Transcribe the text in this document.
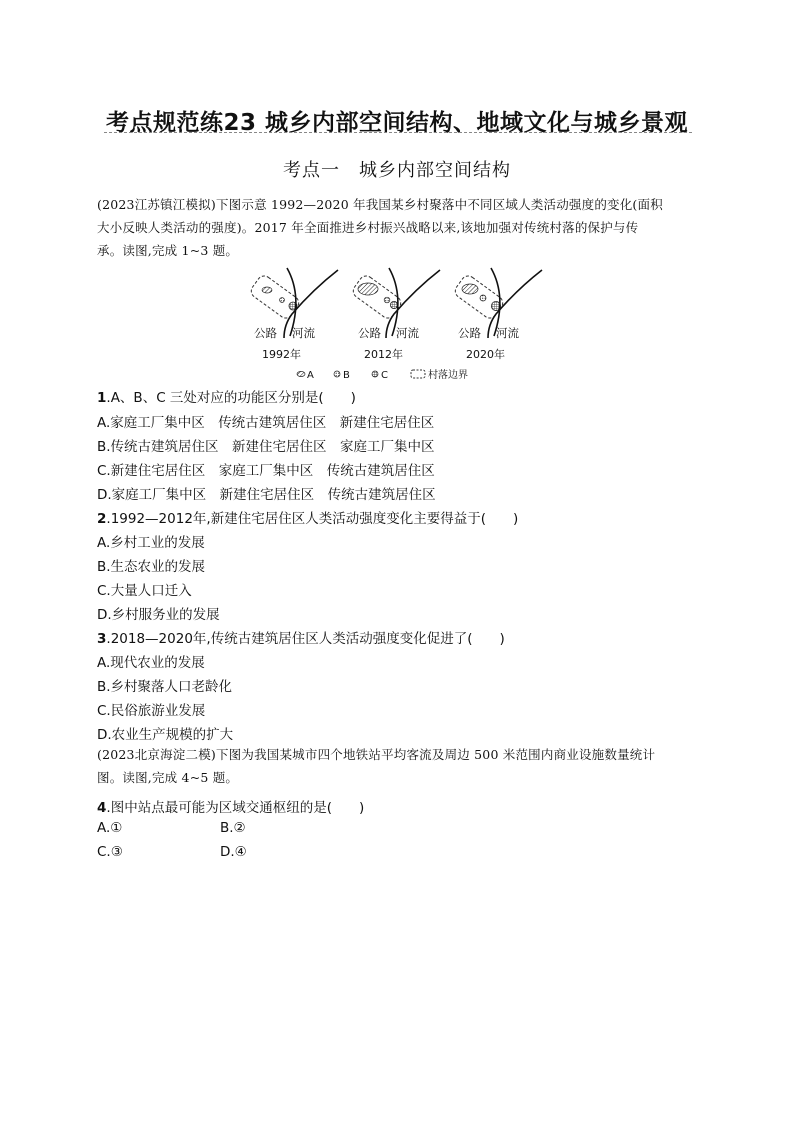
考点规范练23 城乡内部空间结构、地域文化与城乡景观
考点一　城乡内部空间结构
(2023江苏镇江模拟)下图示意 1992—2020 年我国某乡村聚落中不同区域人类活动强度的变化(面积
大小反映人类活动的强度)。2017 年全面推进乡村振兴战略以来,该地加强对传统村落的保护与传
承。读图,完成 1~3 题。
公路 河流
1992年
公路 河流
2012年
公路 河流
2020年
A	B	C	村落边界
1.A、B、C 三处对应的功能区分别是(　　)
A.家庭工厂集中区　传统古建筑居住区　新建住宅居住区
B.传统古建筑居住区　新建住宅居住区　家庭工厂集中区
C.新建住宅居住区　家庭工厂集中区　传统古建筑居住区
D.家庭工厂集中区　新建住宅居住区　传统古建筑居住区
2.1992—2012年,新建住宅居住区人类活动强度变化主要得益于(　　)
A.乡村工业的发展
B.生态农业的发展
C.大量人口迁入
D.乡村服务业的发展
3.2018—2020年,传统古建筑居住区人类活动强度变化促进了(　　)
A.现代农业的发展
B.乡村聚落人口老龄化
C.民俗旅游业发展
D.农业生产规模的扩大
(2023北京海淀二模)下图为我国某城市四个地铁站平均客流及周边 500 米范围内商业设施数量统计
图。读图,完成 4~5 题。
4.图中站点最可能为区域交通枢纽的是(　　)
A.①	B.②
C.③	D.④
